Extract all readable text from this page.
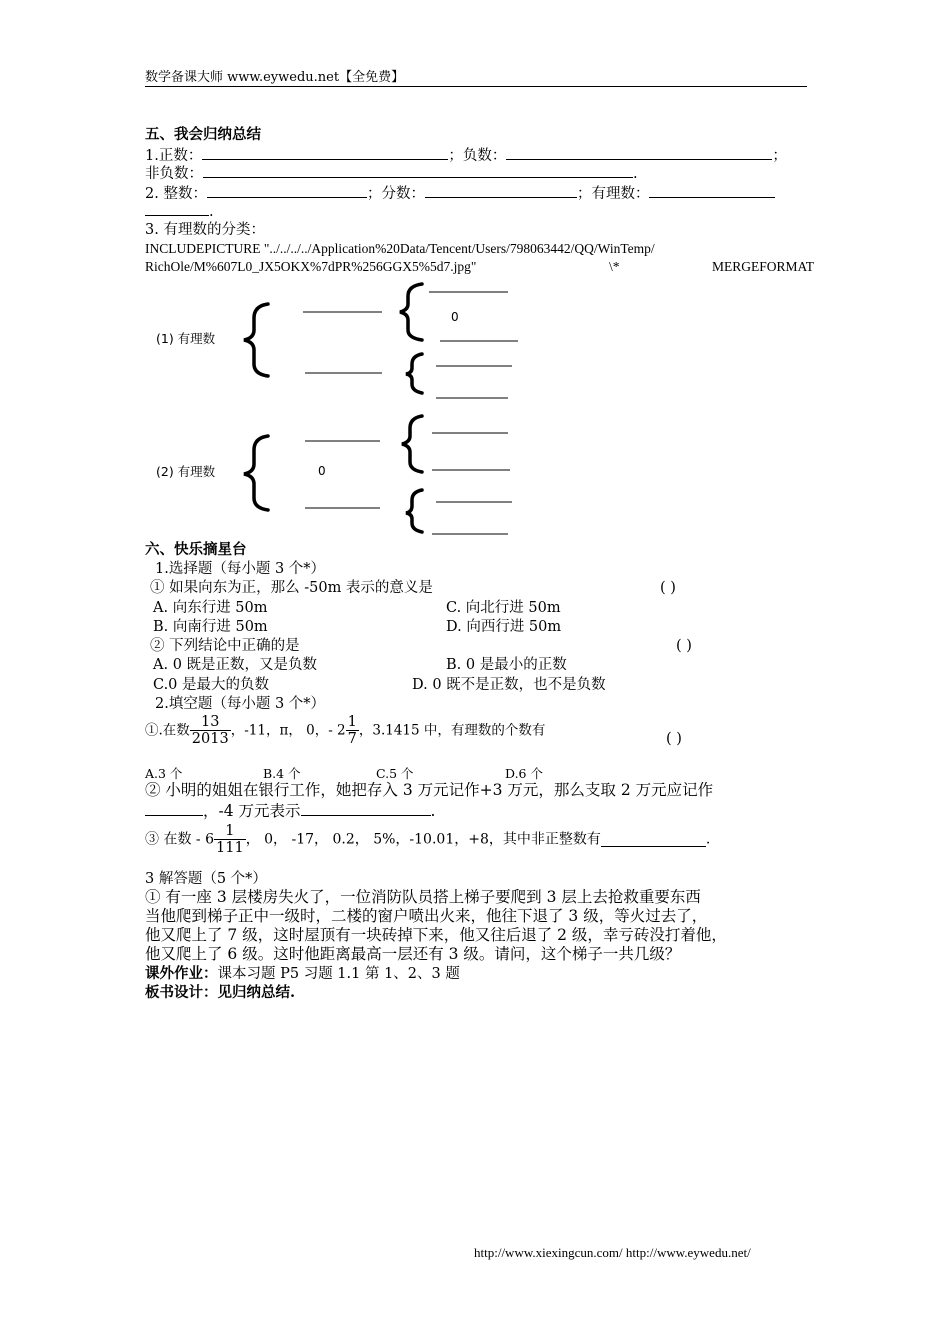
数学备课大师 www.eywedu.net【全免费】
五、我会归纳总结
1.正数：	；负数：	；
非负数：	.
2. 整数：	；分数：	；有理数：
.
3. 有理数的分类：
INCLUDEPICTURE "../../../../Application%20Data/Tencent/Users/798063442/QQ/WinTemp/
RichOle/M%607L0_JX5OKX%7dPR%256GGX5%5d7.jpg"	\*	MERGEFORMAT
(1) 有理数
(2) 有理数
0
0
六、快乐摘星台
1.选择题（每小题 3 个*）
① 如果向东为正，那么 -50m 表示的意义是	( )
A. 向东行进 50m	C. 向北行进 50m
B. 向南行进 50m	D. 向西行进 50m
② 下列结论中正确的是	( )
A. 0 既是正数，又是负数	B. 0 是最小的正数
C.0 是最大的负数	D. 0 既不是正数，也不是负数
2.填空题（每小题 3 个*）
①.在数 $\frac{13}{2013}$ ，-11，π， 0，- $2 \frac{1}{7}$ ，3.1415 中，有理数的个数有
( )
A.3 个	B.4 个	C.5 个	D.6 个
② 小明的姐姐在银行工作，她把存入 3 万元记作+3 万元，那么支取 2 万元应记作
，-4 万元表示	.
③ 在数 - $6 \frac{1}{111}$ ， 0， -17， 0.2， 5%，-10.01，+8，其中非正整数有	.
3 解答题（5 个*）
① 有一座 3 层楼房失火了，一位消防队员搭上梯子要爬到 3 层上去抢救重要东西
当他爬到梯子正中一级时，二楼的窗户喷出火来，他往下退了 3 级，等火过去了，
他又爬上了 7 级，这时屋顶有一块砖掉下来，他又往后退了 2 级，幸亏砖没打着他，
他又爬上了 6 级。这时他距离最高一层还有 3 级。请问，这个梯子一共几级？
课外作业：课本习题 P5 习题 1.1 第 1、2、3 题
板书设计：见归纳总结.
http://www.xiexingcun.com/ http://www.eywedu.net/
